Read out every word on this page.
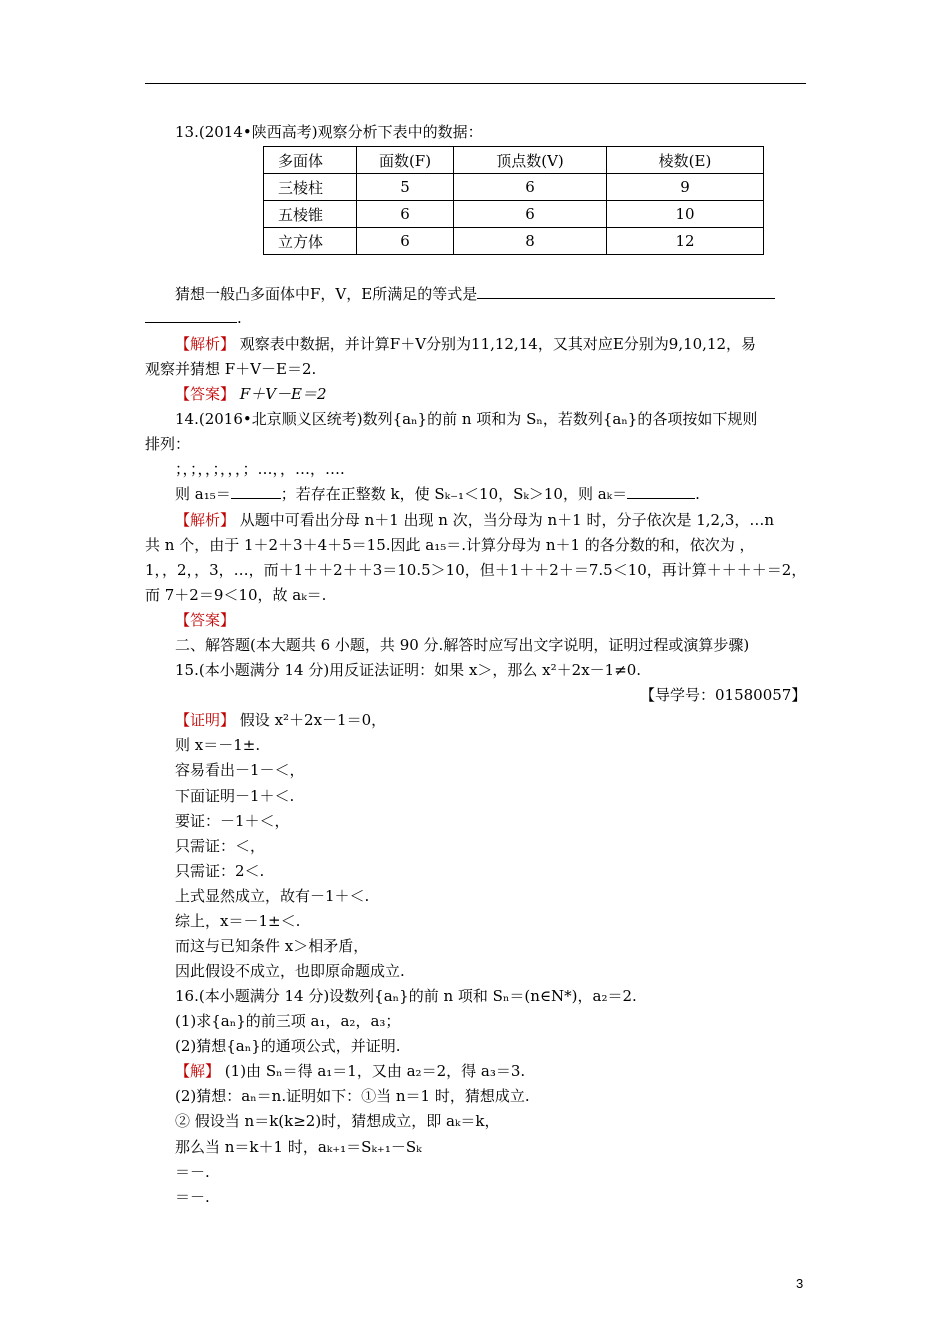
13.(2014•陕西高考)观察分析下表中的数据：
多面体	面数(F)	顶点数(V)	棱数(E)
三棱柱	5	6	9
五棱锥	6	6	10
立方体	6	8	12
猜想一般凸多面体中F，V，E所满足的等式是
.
【解析】 观察表中数据，并计算F＋V分别为11,12,14，又其对应E分别为9,10,12，易
观察并猜想 F＋V－E＝2.
【答案】 F＋V－E＝2
14.(2016•北京顺义区统考)数列{aₙ}的前 n 项和为 Sₙ，若数列{aₙ}的各项按如下规则
排列：
；，；，，；，，，；…，，…，….
则 a₁₅＝	；若存在正整数 k，使 Sₖ₋₁＜10，Sₖ＞10，则 aₖ＝	.
【解析】 从题中可看出分母 n＋1 出现 n 次，当分母为 n＋1 时，分子依次是 1,2,3，…n
共 n 个，由于 1＋2＋3＋4＋5＝15.因此 a₁₅＝.计算分母为 n＋1 的各分数的和，依次为 ，
1，，2，，3，…，而＋1＋＋2＋＋3＝10.5＞10，但＋1＋＋2＋＝7.5＜10，再计算＋＋＋＋＝2，
而 7＋2＝9＜10，故 aₖ＝.
【答案】
二、解答题(本大题共 6 小题，共 90 分.解答时应写出文字说明，证明过程或演算步骤)
15.(本小题满分 14 分)用反证法证明：如果 x＞，那么 x²＋2x－1≠0.
【导学号：01580057】
【证明】 假设 x²＋2x－1＝0，
则 x＝－1±.
容易看出－1－＜，
下面证明－1＋＜.
要证：－1＋＜，
只需证：＜，
只需证：2＜.
上式显然成立，故有－1＋＜.
综上，x＝－1±＜.
而这与已知条件 x＞相矛盾，
因此假设不成立，也即原命题成立.
16.(本小题满分 14 分)设数列{aₙ}的前 n 项和 Sₙ＝(n∈N*)，a₂＝2.
(1)求{aₙ}的前三项 a₁，a₂，a₃；
(2)猜想{aₙ}的通项公式，并证明.
【解】 (1)由 Sₙ＝得 a₁＝1，又由 a₂＝2，得 a₃＝3.
(2)猜想：aₙ＝n.证明如下：①当 n＝1 时，猜想成立.
② 假设当 n＝k(k≥2)时，猜想成立，即 aₖ＝k，
那么当 n＝k＋1 时，aₖ₊₁＝Sₖ₊₁－Sₖ
＝－.
＝－.
3
